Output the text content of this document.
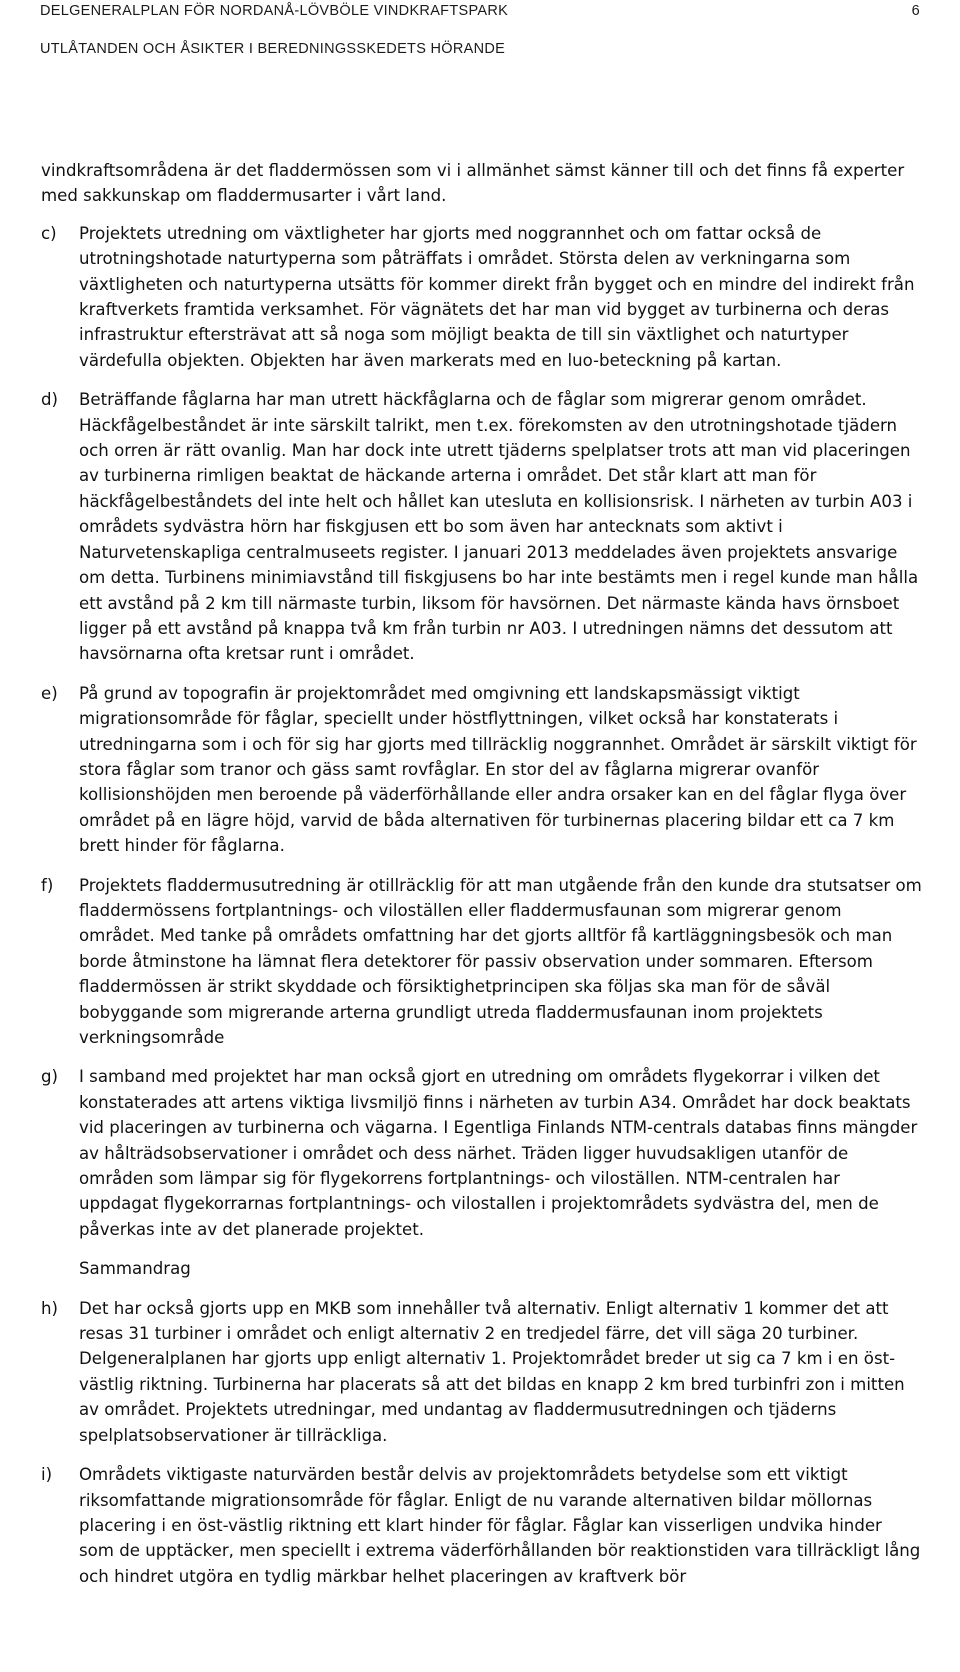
DELGENERALPLAN FÖR NORDANÅ-LÖVBÖLE VINDKRAFTSPARK	6
UTLÅTANDEN OCH ÅSIKTER I BEREDNINGSSKEDETS HÖRANDE

vindkraftsområdena är det fladdermössen som vi i allmänhet sämst känner till och det finns få experter med sakkunskap om fladdermusarter i vårt land.

c)	Projektets utredning om växtligheter har gjorts med noggrannhet och om fattar också de utrotningshotade naturtyperna som påträffats i området. Största delen av verkningarna som växtligheten och naturtyperna utsätts för kommer direkt från bygget och en mindre del indirekt från kraftverkets framtida verksamhet. För vägnätets det har man vid bygget av turbinerna och deras infrastruktur eftersträvat att så noga som möjligt beakta de till sin växtlighet och naturtyper värdefulla objekten. Objekten har även markerats med en luo-beteckning på kartan.

d)	Beträffande fåglarna har man utrett häckfåglarna och de fåglar som migrerar genom området. Häckfågelbeståndet är inte särskilt talrikt, men t.ex. förekomsten av den utrotningshotade tjädern och orren är rätt ovanlig. Man har dock inte utrett tjäderns spelplatser trots att man vid placeringen av turbinerna rimligen beaktat de häckande arterna i området. Det står klart att man för häckfågelbeståndets del inte helt och hållet kan utesluta en kollisionsrisk. I närheten av turbin A03 i områdets sydvästra hörn har fiskgjusen ett bo som även har antecknats som aktivt i Naturvetenskapliga centralmuseets register. I januari 2013 meddelades även projektets ansvarige om detta. Turbinens minimiavstånd till fiskgjusens bo har inte bestämts men i regel kunde man hålla ett avstånd på 2 km till närmaste turbin, liksom för havsörnen. Det närmaste kända havs örnsboet ligger på ett avstånd på knappa två km från turbin nr A03. I utredningen nämns det dessutom att havsörnarna ofta kretsar runt i området.

e)	På grund av topografin är projektområdet med omgivning ett landskapsmässigt viktigt migrationsområde för fåglar, speciellt under höstflyttningen, vilket också har konstaterats i utredningarna som i och för sig har gjorts med tillräcklig noggrannhet. Området är särskilt viktigt för stora fåglar som tranor och gäss samt rovfåglar. En stor del av fåglarna migrerar ovanför kollisionshöjden men beroende på väderförhållande eller andra orsaker kan en del fåglar flyga över området på en lägre höjd, varvid de båda alternativen för turbinernas placering bildar ett ca 7 km brett hinder för fåglarna.

f)	Projektets fladdermusutredning är otillräcklig för att man utgående från den kunde dra stutsatser om fladdermössens fortplantnings- och viloställen eller fladdermusfaunan som migrerar genom området. Med tanke på områdets omfattning har det gjorts alltför få kartläggningsbesök och man borde åtminstone ha lämnat flera detektorer för passiv observation under sommaren. Eftersom fladdermössen är strikt skyddade och försiktighetprincipen ska följas ska man för de såväl bobyggande som migrerande arterna grundligt utreda fladdermusfaunan inom projektets verkningsområde

g)	I samband med projektet har man också gjort en utredning om områdets flygekorrar i vilken det konstaterades att artens viktiga livsmiljö finns i närheten av turbin A34. Området har dock beaktats vid placeringen av turbinerna och vägarna. I Egentliga Finlands NTM-centrals databas finns mängder av hålträdsobservationer i området och dess närhet. Träden ligger huvudsakligen utanför de områden som lämpar sig för flygekorrens fortplantnings- och viloställen. NTM-centralen har uppdagat flygekorrarnas fortplantnings- och vilostallen i projektområdets sydvästra del, men de påverkas inte av det planerade projektet.

Sammandrag

h)	Det har också gjorts upp en MKB som innehåller två alternativ. Enligt alternativ 1 kommer det att resas 31 turbiner i området och enligt alternativ 2 en tredjedel färre, det vill säga 20 turbiner. Delgeneralplanen har gjorts upp enligt alternativ 1. Projektområdet breder ut sig ca 7 km i en öst-västlig riktning. Turbinerna har placerats så att det bildas en knapp 2 km bred turbinfri zon i mitten av området. Projektets utredningar, med undantag av fladdermusutredningen och tjäderns spelplatsobservationer är tillräckliga.

i)	Områdets viktigaste naturvärden består delvis av projektområdets betydelse som ett viktigt riksomfattande migrationsområde för fåglar. Enligt de nu varande alternativen bildar möllornas placering i en öst-västlig riktning ett klart hinder för fåglar. Fåglar kan visserligen undvika hinder som de upptäcker, men speciellt i extrema väderförhållanden bör reaktionstiden vara tillräckligt lång och hindret utgöra en tydlig märkbar helhet placeringen av kraftverk bör
